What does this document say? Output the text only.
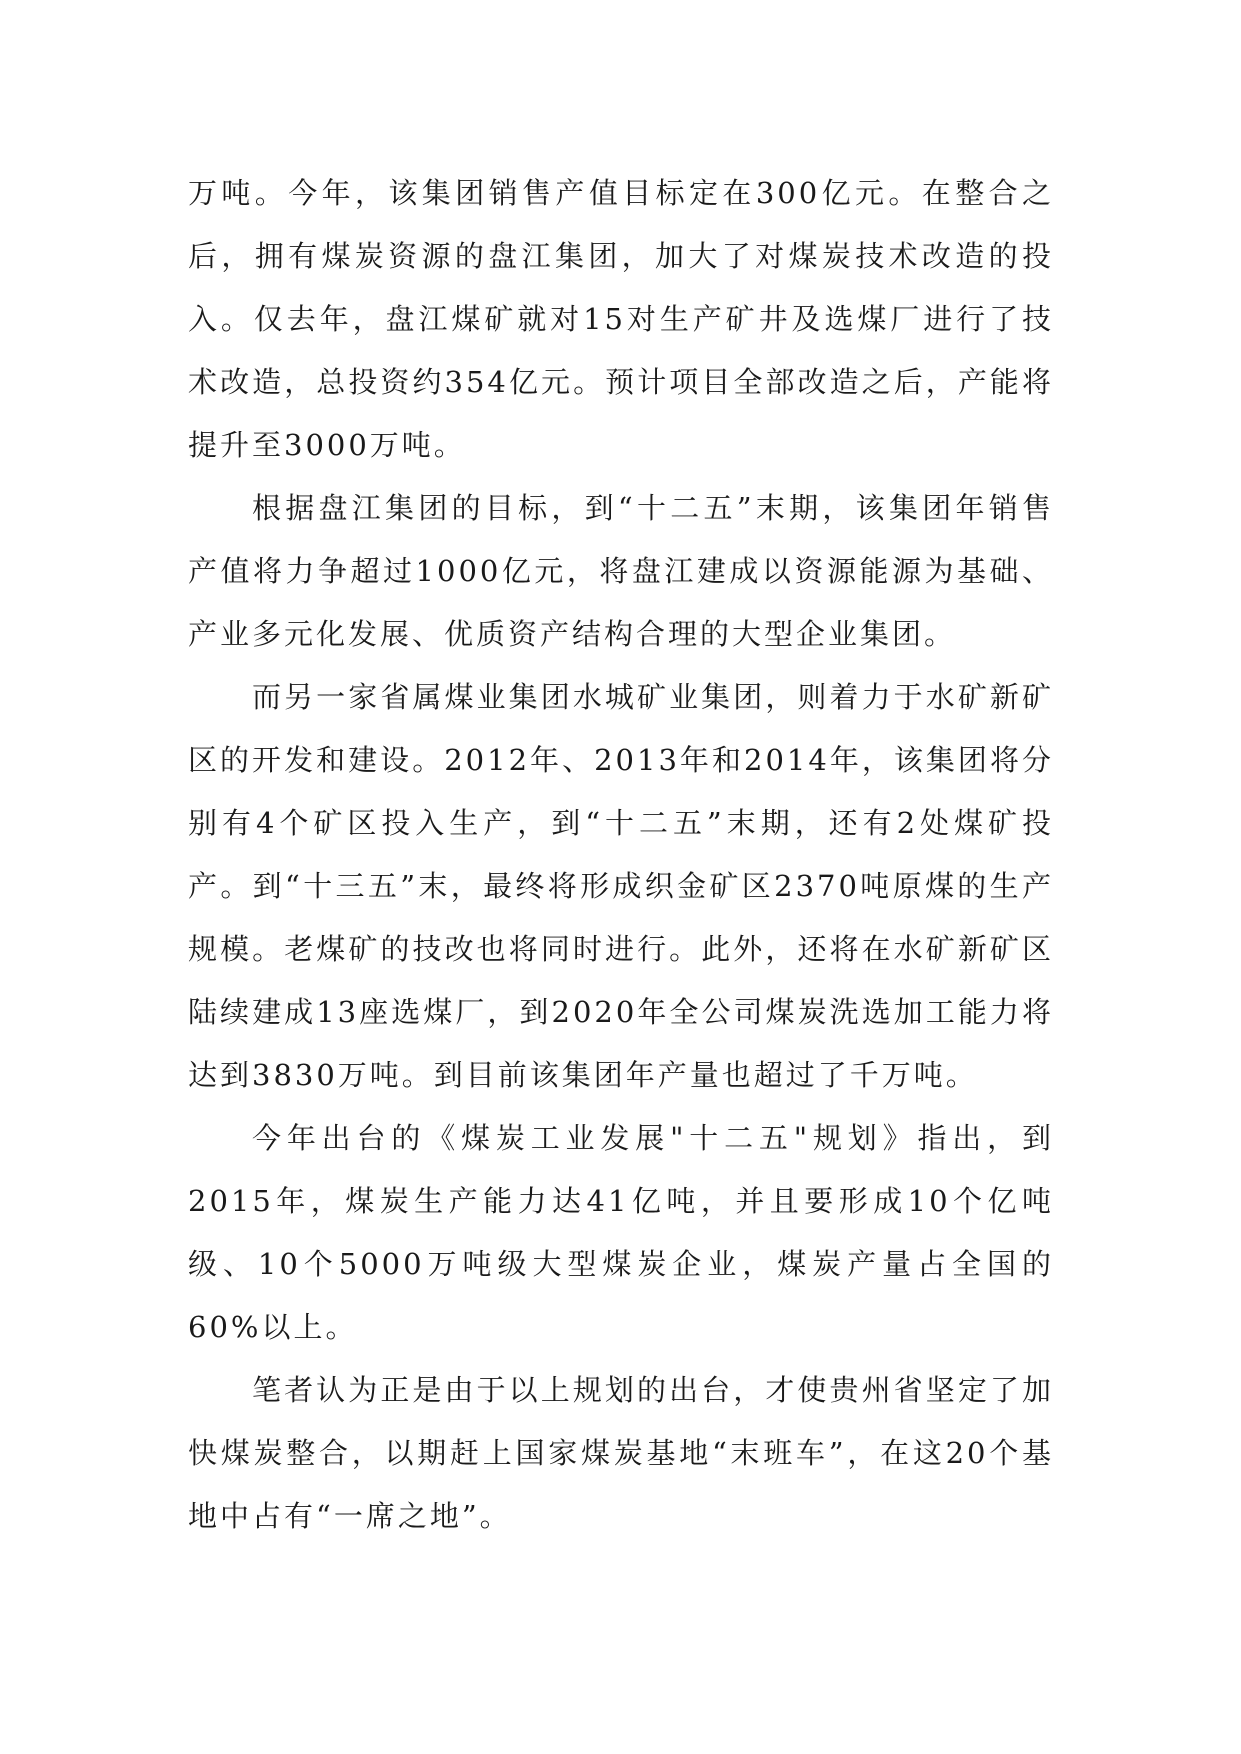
万吨。今年，该集团销售产值目标定在300亿元。在整合之后，拥有煤炭资源的盘江集团，加大了对煤炭技术改造的投入。仅去年，盘江煤矿就对15对生产矿井及选煤厂进行了技术改造，总投资约354亿元。预计项目全部改造之后，产能将提升至3000万吨。

根据盘江集团的目标，到“十二五”末期，该集团年销售产值将力争超过1000亿元，将盘江建成以资源能源为基础、产业多元化发展、优质资产结构合理的大型企业集团。

而另一家省属煤业集团水城矿业集团，则着力于水矿新矿区的开发和建设。2012年、2013年和2014年，该集团将分别有4个矿区投入生产，到“十二五”末期，还有2处煤矿投产。到“十三五”末，最终将形成织金矿区2370吨原煤的生产规模。老煤矿的技改也将同时进行。此外，还将在水矿新矿区陆续建成13座选煤厂，到2020年全公司煤炭洗选加工能力将达到3830万吨。到目前该集团年产量也超过了千万吨。

今年出台的《煤炭工业发展"十二五"规划》指出，到2015年，煤炭生产能力达41亿吨，并且要形成10个亿吨级、10个5000万吨级大型煤炭企业，煤炭产量占全国的60%以上。

笔者认为正是由于以上规划的出台，才使贵州省坚定了加快煤炭整合，以期赶上国家煤炭基地“末班车”，在这20个基地中占有“一席之地”。
